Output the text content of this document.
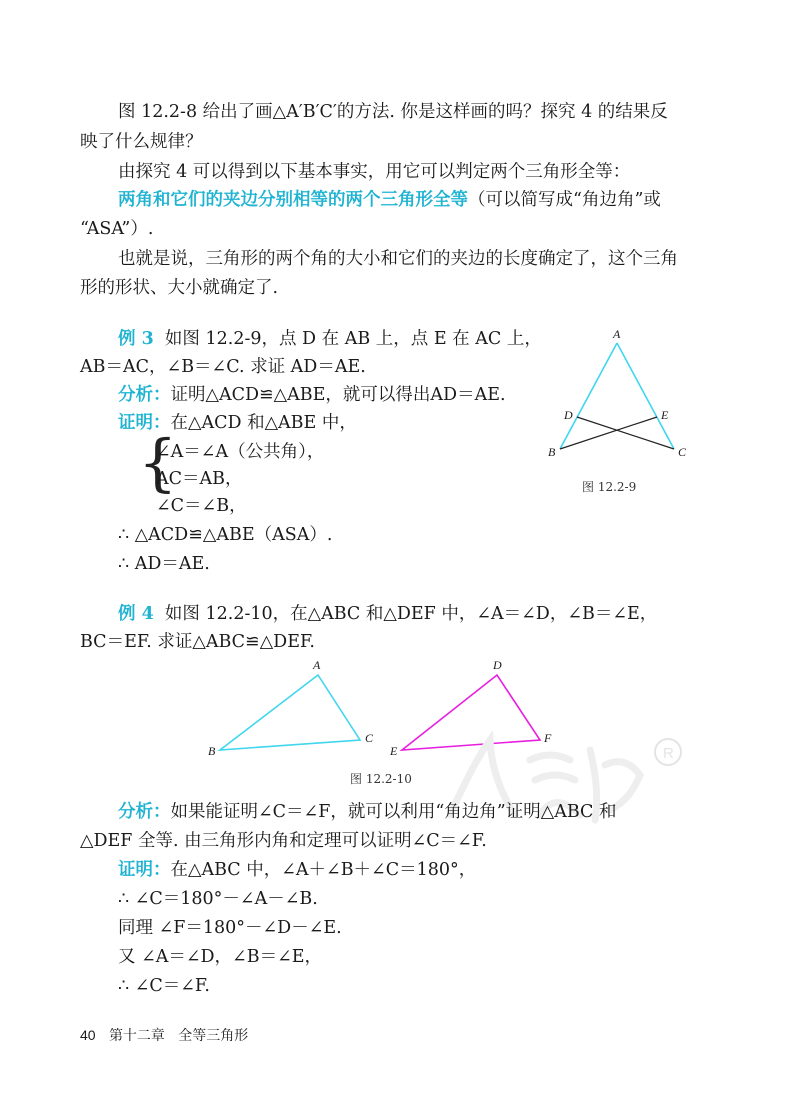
图 12.2-8 给出了画△A′B′C′的方法. 你是这样画的吗？探究 4 的结果反
映了什么规律？
由探究 4 可以得到以下基本事实，用它可以判定两个三角形全等：
两角和它们的夹边分别相等的两个三角形全等（可以简写成“角边角”或
“ASA”）.
也就是说，三角形的两个角的大小和它们的夹边的长度确定了，这个三角
形的形状、大小就确定了.
例 3 如图 12.2-9，点 D 在 AB 上，点 E 在 AC 上，
AB＝AC，∠B＝∠C. 求证 AD＝AE.
分析：证明△ACD≌△ABE，就可以得出AD＝AE.
证明：在△ACD 和△ABE 中，
{
∠A＝∠A（公共角），
AC＝AB，
∠C＝∠B，
∴ △ACD≌△ABE（ASA）.
∴ AD＝AE.
A
B	C
D	E
图 12.2-9
例 4 如图 12.2-10，在△ABC 和△DEF 中，∠A＝∠D，∠B＝∠E，
BC＝EF. 求证△ABC≌△DEF.
A
B
C
D
E
F
图 12.2-10
R
分析：如果能证明∠C＝∠F，就可以利用“角边角”证明△ABC 和
△DEF 全等. 由三角形内角和定理可以证明∠C＝∠F.
证明：在△ABC 中，∠A＋∠B＋∠C＝180°，
∴ ∠C＝180°－∠A－∠B.
同理 ∠F＝180°－∠D－∠E.
又 ∠A＝∠D，∠B＝∠E，
∴ ∠C＝∠F.
40 第十二章 全等三角形
